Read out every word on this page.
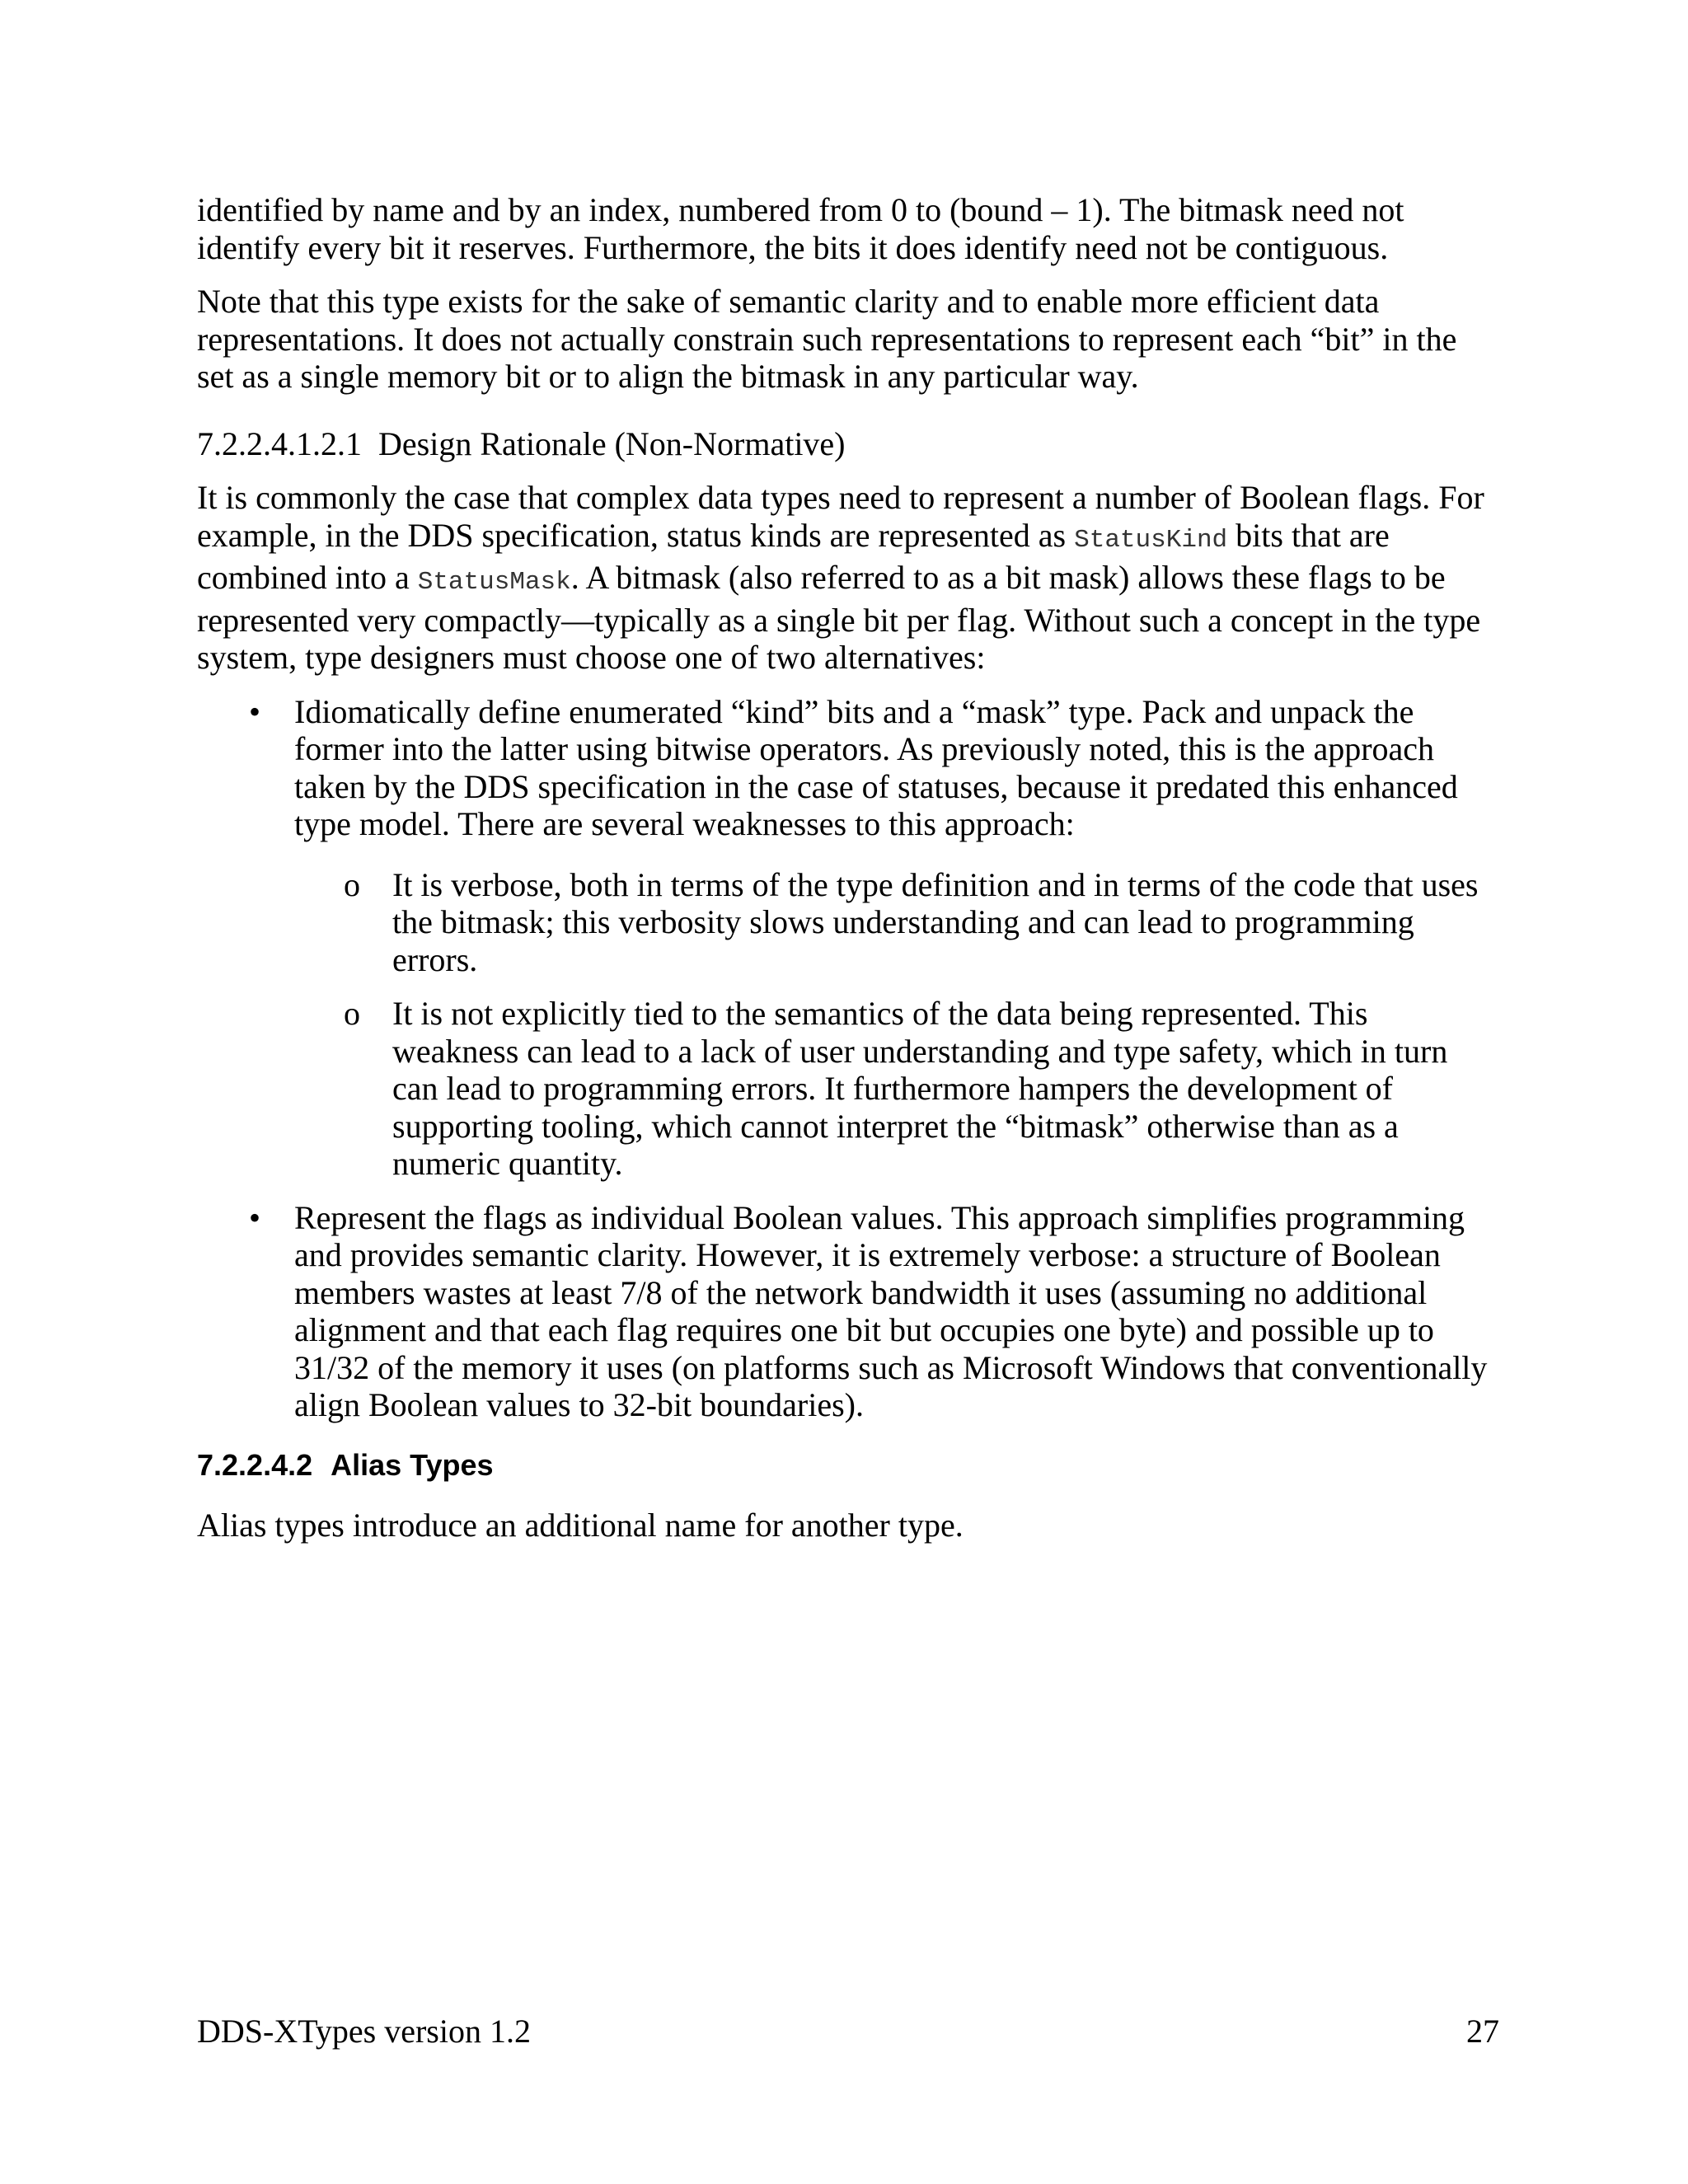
identified by name and by an index, numbered from 0 to (bound – 1). The bitmask need not identify every bit it reserves. Furthermore, the bits it does identify need not be contiguous.

Note that this type exists for the sake of semantic clarity and to enable more efficient data representations. It does not actually constrain such representations to represent each “bit” in the set as a single memory bit or to align the bitmask in any particular way.

7.2.2.4.1.2.1 Design Rationale (Non-Normative)

It is commonly the case that complex data types need to represent a number of Boolean flags. For example, in the DDS specification, status kinds are represented as StatusKind bits that are combined into a StatusMask. A bitmask (also referred to as a bit mask) allows these flags to be represented very compactly—typically as a single bit per flag. Without such a concept in the type system, type designers must choose one of two alternatives:

• Idiomatically define enumerated “kind” bits and a “mask” type. Pack and unpack the former into the latter using bitwise operators. As previously noted, this is the approach taken by the DDS specification in the case of statuses, because it predated this enhanced type model. There are several weaknesses to this approach:
o It is verbose, both in terms of the type definition and in terms of the code that uses the bitmask; this verbosity slows understanding and can lead to programming errors.
o It is not explicitly tied to the semantics of the data being represented. This weakness can lead to a lack of user understanding and type safety, which in turn can lead to programming errors. It furthermore hampers the development of supporting tooling, which cannot interpret the “bitmask” otherwise than as a numeric quantity.
• Represent the flags as individual Boolean values. This approach simplifies programming and provides semantic clarity. However, it is extremely verbose: a structure of Boolean members wastes at least 7/8 of the network bandwidth it uses (assuming no additional alignment and that each flag requires one bit but occupies one byte) and possible up to 31/32 of the memory it uses (on platforms such as Microsoft Windows that conventionally align Boolean values to 32-bit boundaries).
7.2.2.4.2 Alias Types

Alias types introduce an additional name for another type.

DDS-XTypes version 1.2	27
